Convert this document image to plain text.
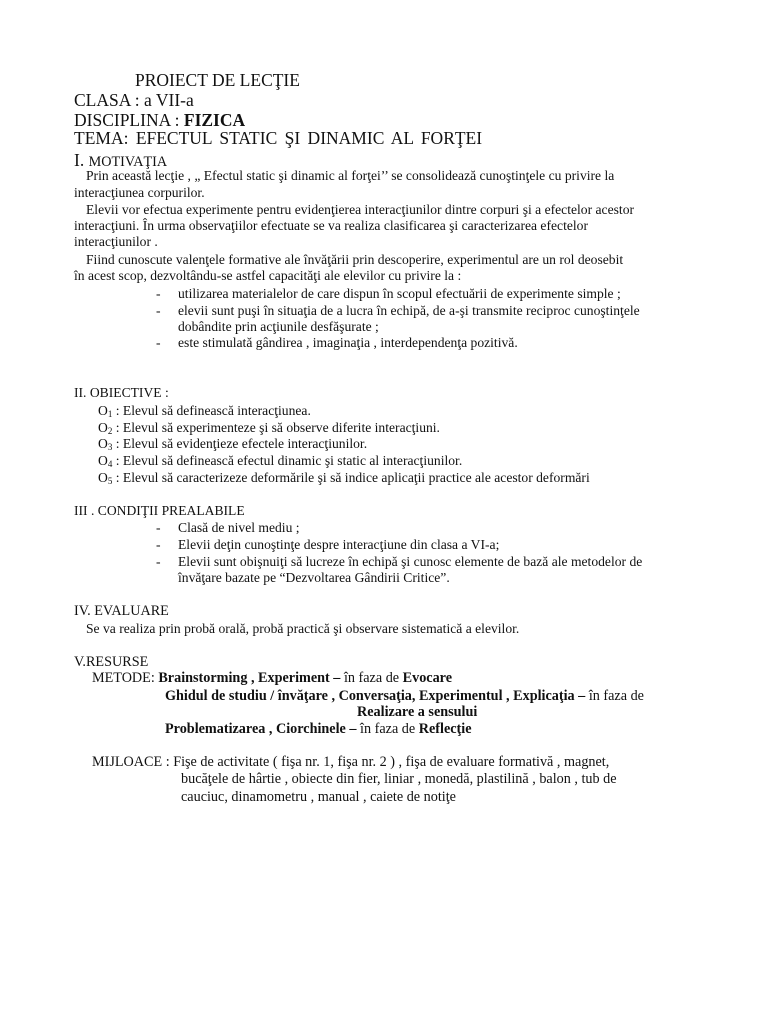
PROIECT DE LECŢIE
CLASA : a VII-a
DISCIPLINA : FIZICA
TEMA: EFECTUL STATIC ŞI DINAMIC AL FORŢEI
I. MOTIVAŢIA
Prin această lecţie , „ Efectul static şi dinamic al forţei’’ se consolidează cunoştinţele cu privire la
interacţiunea corpurilor.
Elevii vor efectua experimente pentru evidenţierea interacţiunilor dintre corpuri şi a efectelor acestor
interacţiuni. În urma observaţiilor efectuate se va realiza clasificarea şi caracterizarea efectelor
interacţiunilor .
Fiind cunoscute valenţele formative ale învăţării prin descoperire, experimentul are un rol deosebit
în acest scop, dezvoltându-se astfel capacităţi ale elevilor cu privire la :
- utilizarea materialelor de care dispun în scopul efectuării de experimente simple ;
- elevii sunt puşi în situaţia de a lucra în echipă, de a-şi transmite reciproc cunoştinţele
dobândite prin acţiunile desfăşurate ;
- este stimulată gândirea , imaginaţia , interdependenţa pozitivă.
II. OBIECTIVE :
$O_1$ : Elevul să definească interacţiunea.
$O_2$ : Elevul să experimenteze şi să observe diferite interacţiuni.
$O_3$ : Elevul să evidenţieze efectele interacţiunilor.
$O_4$ : Elevul să definească efectul dinamic şi static al interacţiunilor.
$O_5$ : Elevul să caracterizeze deformările şi să indice aplicaţii practice ale acestor deformări
III . CONDIŢII PREALABILE
- Clasă de nivel mediu ;
- Elevii deţin cunoştinţe despre interacţiune din clasa a VI-a;
- Elevii sunt obişnuiţi să lucreze în echipă şi cunosc elemente de bază ale metodelor de
învăţare bazate pe “Dezvoltarea Gândirii Critice”.
IV. EVALUARE
Se va realiza prin probă orală, probă practică şi observare sistematică a elevilor.
V.RESURSE
METODE: Brainstorming , Experiment – în faza de Evocare
Ghidul de studiu / învăţare , Conversaţia, Experimentul , Explicaţia – în faza de
Realizare a sensului
Problematizarea , Ciorchinele – în faza de Reflecţie
MIJLOACE : Fişe de activitate ( fişa nr. 1, fişa nr. 2 ) , fişa de evaluare formativă , magnet,
bucăţele de hârtie , obiecte din fier, liniar , monedă, plastilină , balon , tub de
cauciuc, dinamometru , manual , caiete de notiţe
